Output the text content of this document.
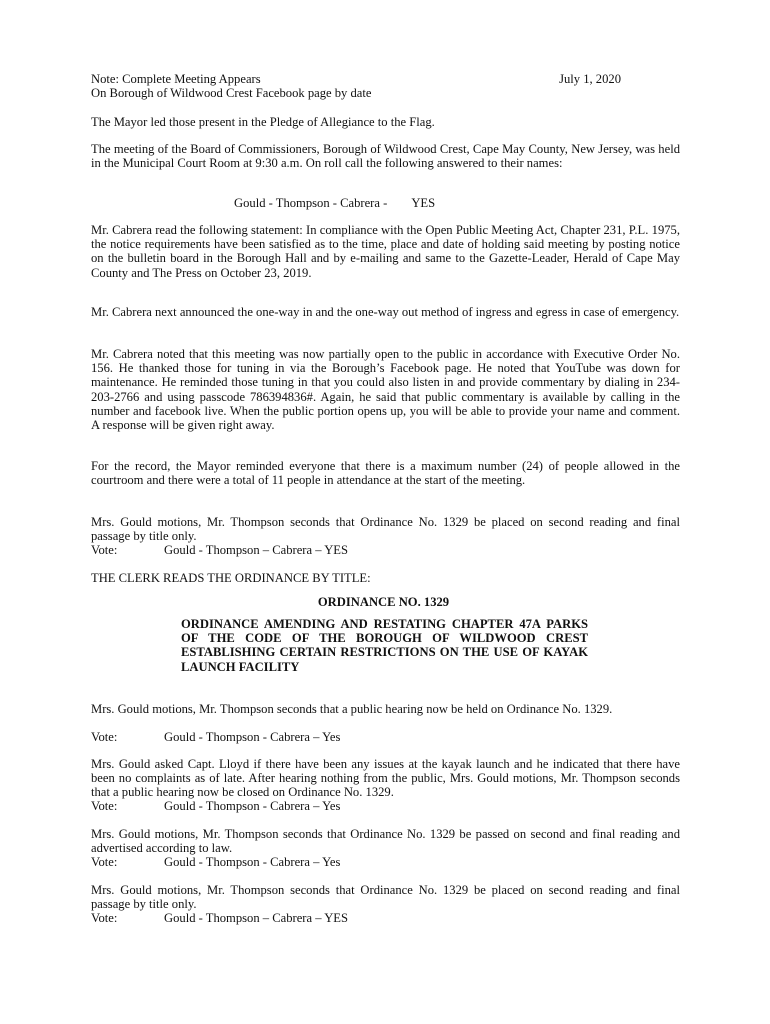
Note: Complete Meeting Appears	July 1, 2020
On Borough of Wildwood Crest Facebook page by date
The Mayor led those present in the Pledge of Allegiance to the Flag.
The meeting of the Board of Commissioners, Borough of Wildwood Crest, Cape May County, New Jersey, was held in the Municipal Court Room at 9:30 a.m. On roll call the following answered to their names:
Gould - Thompson - Cabrera - YES
Mr. Cabrera read the following statement: In compliance with the Open Public Meeting Act, Chapter 231, P.L. 1975, the notice requirements have been satisfied as to the time, place and date of holding said meeting by posting notice on the bulletin board in the Borough Hall and by e-mailing and same to the Gazette-Leader, Herald of Cape May County and The Press on October 23, 2019.
Mr. Cabrera next announced the one-way in and the one-way out method of ingress and egress in case of emergency.
Mr. Cabrera noted that this meeting was now partially open to the public in accordance with Executive Order No. 156. He thanked those for tuning in via the Borough’s Facebook page. He noted that YouTube was down for maintenance. He reminded those tuning in that you could also listen in and provide commentary by dialing in 234-203-2766 and using passcode 786394836#. Again, he said that public commentary is available by calling in the number and facebook live. When the public portion opens up, you will be able to provide your name and comment. A response will be given right away.
For the record, the Mayor reminded everyone that there is a maximum number (24) of people allowed in the courtroom and there were a total of 11 people in attendance at the start of the meeting.
Mrs. Gould motions, Mr. Thompson seconds that Ordinance No. 1329 be placed on second reading and final passage by title only.
Vote:	Gould - Thompson – Cabrera – YES
THE CLERK READS THE ORDINANCE BY TITLE:
ORDINANCE NO. 1329
ORDINANCE AMENDING AND RESTATING CHAPTER 47A PARKS OF THE CODE OF THE BOROUGH OF WILDWOOD CREST ESTABLISHING CERTAIN RESTRICTIONS ON THE USE OF KAYAK LAUNCH FACILITY
Mrs. Gould motions, Mr. Thompson seconds that a public hearing now be held on Ordinance No. 1329.
Vote:	Gould - Thompson - Cabrera – Yes
Mrs. Gould asked Capt. Lloyd if there have been any issues at the kayak launch and he indicated that there have been no complaints as of late. After hearing nothing from the public, Mrs. Gould motions, Mr. Thompson seconds that a public hearing now be closed on Ordinance No. 1329.
Vote:	Gould - Thompson - Cabrera – Yes
Mrs. Gould motions, Mr. Thompson seconds that Ordinance No. 1329 be passed on second and final reading and advertised according to law.
Vote:	Gould - Thompson - Cabrera – Yes
Mrs. Gould motions, Mr. Thompson seconds that Ordinance No. 1329 be placed on second reading and final passage by title only.
Vote:	Gould - Thompson – Cabrera – YES
